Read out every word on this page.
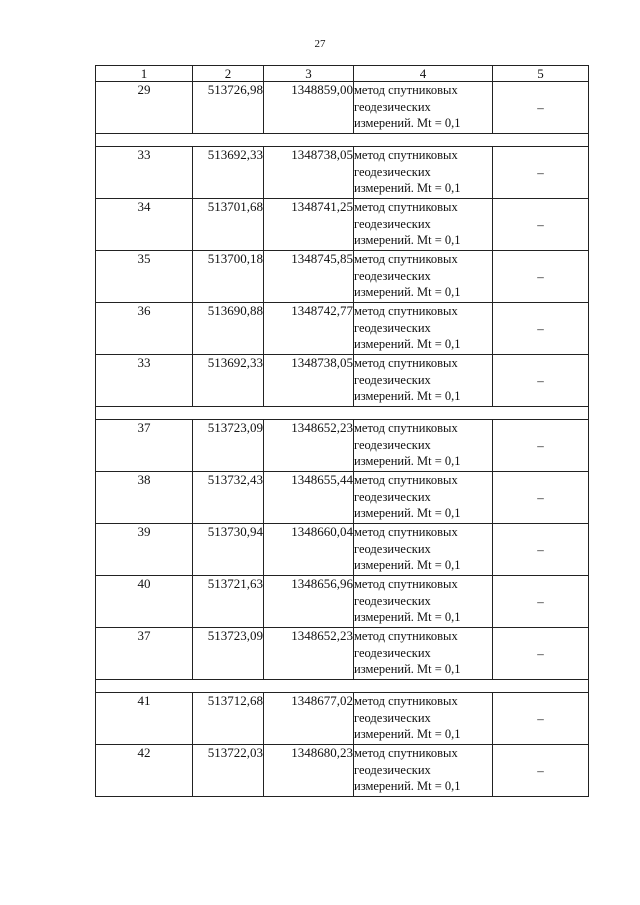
27
1	2	3	4	5
29	513726,98	1348859,00	метод спутниковых геодезических измерений. Mt = 0,1	–

33	513692,33	1348738,05	метод спутниковых геодезических измерений. Mt = 0,1	–
34	513701,68	1348741,25	метод спутниковых геодезических измерений. Mt = 0,1	–
35	513700,18	1348745,85	метод спутниковых геодезических измерений. Mt = 0,1	–
36	513690,88	1348742,77	метод спутниковых геодезических измерений. Mt = 0,1	–
33	513692,33	1348738,05	метод спутниковых геодезических измерений. Mt = 0,1	–

37	513723,09	1348652,23	метод спутниковых геодезических измерений. Mt = 0,1	–
38	513732,43	1348655,44	метод спутниковых геодезических измерений. Mt = 0,1	–
39	513730,94	1348660,04	метод спутниковых геодезических измерений. Mt = 0,1	–
40	513721,63	1348656,96	метод спутниковых геодезических измерений. Mt = 0,1	–
37	513723,09	1348652,23	метод спутниковых геодезических измерений. Mt = 0,1	–

41	513712,68	1348677,02	метод спутниковых геодезических измерений. Mt = 0,1	–
42	513722,03	1348680,23	метод спутниковых геодезических измерений. Mt = 0,1	–
